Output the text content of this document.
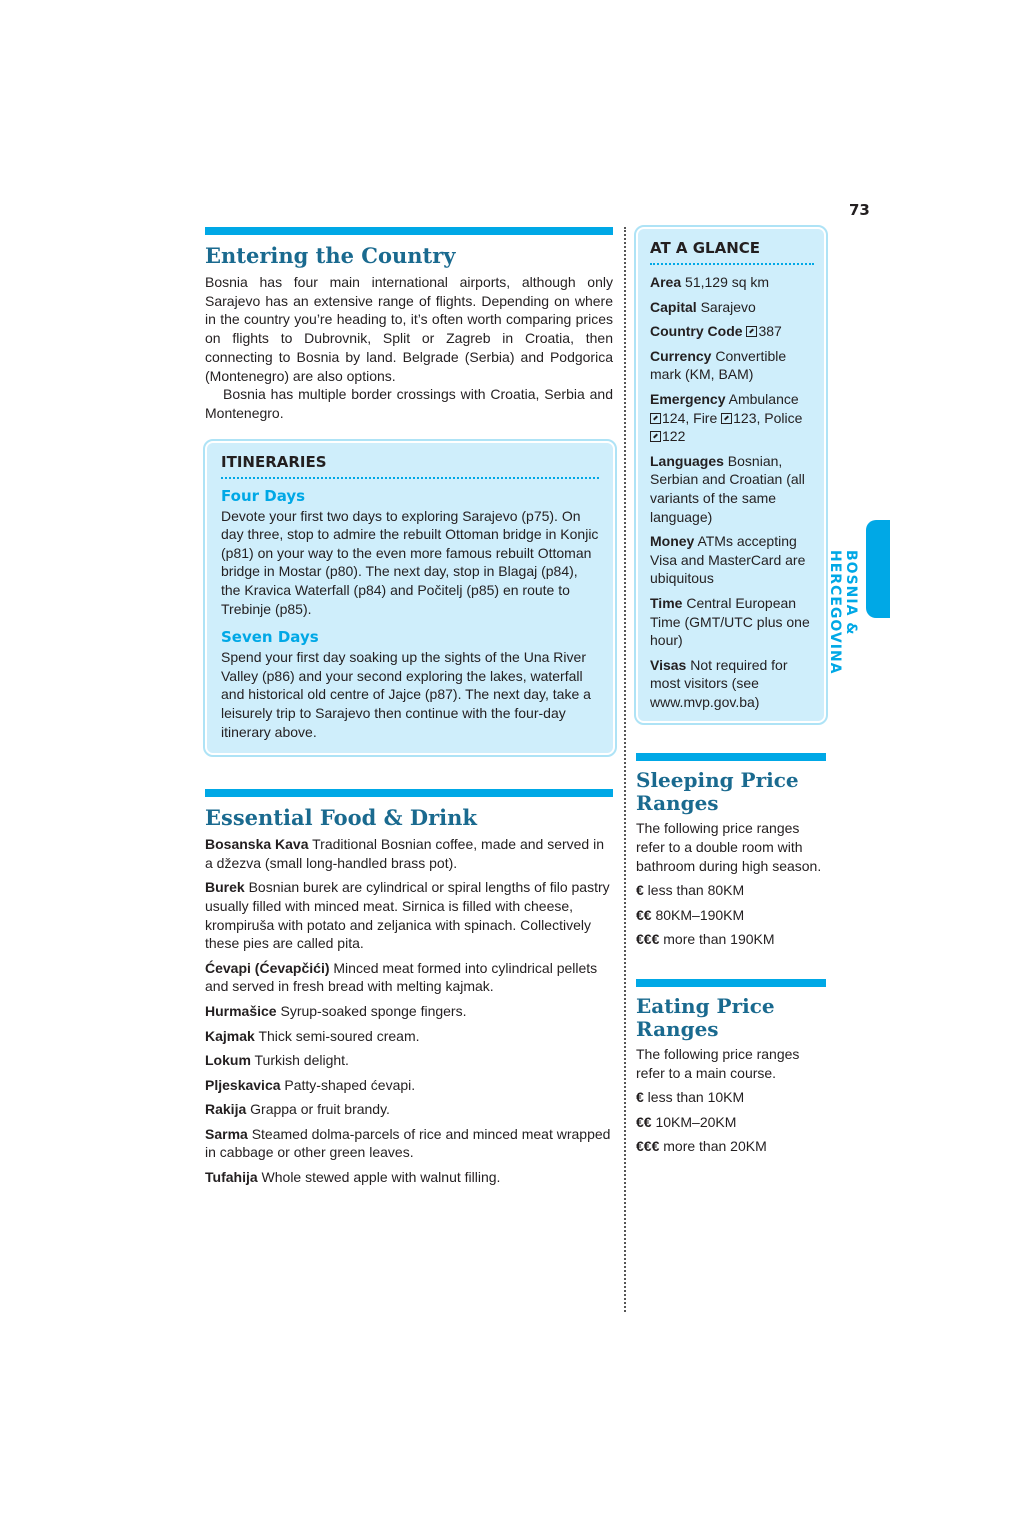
73
BOSNIA & HERCEGOVINA
Entering the Country

Bosnia has four main international airports, although only Sarajevo has an extensive range of flights. Depending on where in the country you’re heading to, it’s often worth comparing prices on flights to Dubrovnik, Split or Zagreb in Croatia, then connecting to Bosnia by land. Belgrade (Serbia) and Podgorica (Montenegro) are also options.

Bosnia has multiple border crossings with Croatia, Serbia and Montenegro.

ITINERARIES
Four Days
Devote your first two days to exploring Sarajevo (p75). On day three, stop to admire the rebuilt Ottoman bridge in Konjic (p81) on your way to the even more famous rebuilt Ottoman bridge in Mostar (p80). The next day, stop in Blagaj (p84), the Kravica Waterfall (p84) and Počitelj (p85) en route to Trebinje (p85).
Seven Days
Spend your first day soaking up the sights of the Una River Valley (p86) and your second exploring the lakes, waterfall and historical old centre of Jajce (p87). The next day, take a leisurely trip to Sarajevo then continue with the four-day itinerary above.
Essential Food & Drink
Bosanska Kava Traditional Bosnian coffee, made and served in a džezva (small long-handled brass pot).
Burek Bosnian burek are cylindrical or spiral lengths of filo pastry usually filled with minced meat. Sirnica is filled with cheese, krompiruša with potato and zeljanica with spinach. Collectively these pies are called pita.
Ćevapi (Ćevapčići) Minced meat formed into cylindrical pellets and served in fresh bread with melting kajmak.
Hurmašice Syrup-soaked sponge fingers.
Kajmak Thick semi-soured cream.
Lokum Turkish delight.
Pljeskavica Patty-shaped ćevapi.
Rakija Grappa or fruit brandy.
Sarma Steamed dolma-parcels of rice and minced meat wrapped in cabbage or other green leaves.
Tufahija Whole stewed apple with walnut filling.
AT A GLANCE
Area 51,129 sq km
Capital Sarajevo
Country Code 387
Currency Convertible mark (KM, BAM)
Emergency Ambulance 124, Fire 123, Police 122
Languages Bosnian, Serbian and Croatian (all variants of the same language)
Money ATMs accepting Visa and MasterCard are ubiquitous
Time Central European Time (GMT/UTC plus one hour)
Visas Not required for most visitors (see www.mvp.gov.ba)
Sleeping Price Ranges
The following price ranges refer to a double room with bathroom during high season.
€ less than 80KM
€€ 80KM–190KM
€€€ more than 190KM
Eating Price Ranges
The following price ranges refer to a main course.
€ less than 10KM
€€ 10KM–20KM
€€€ more than 20KM
